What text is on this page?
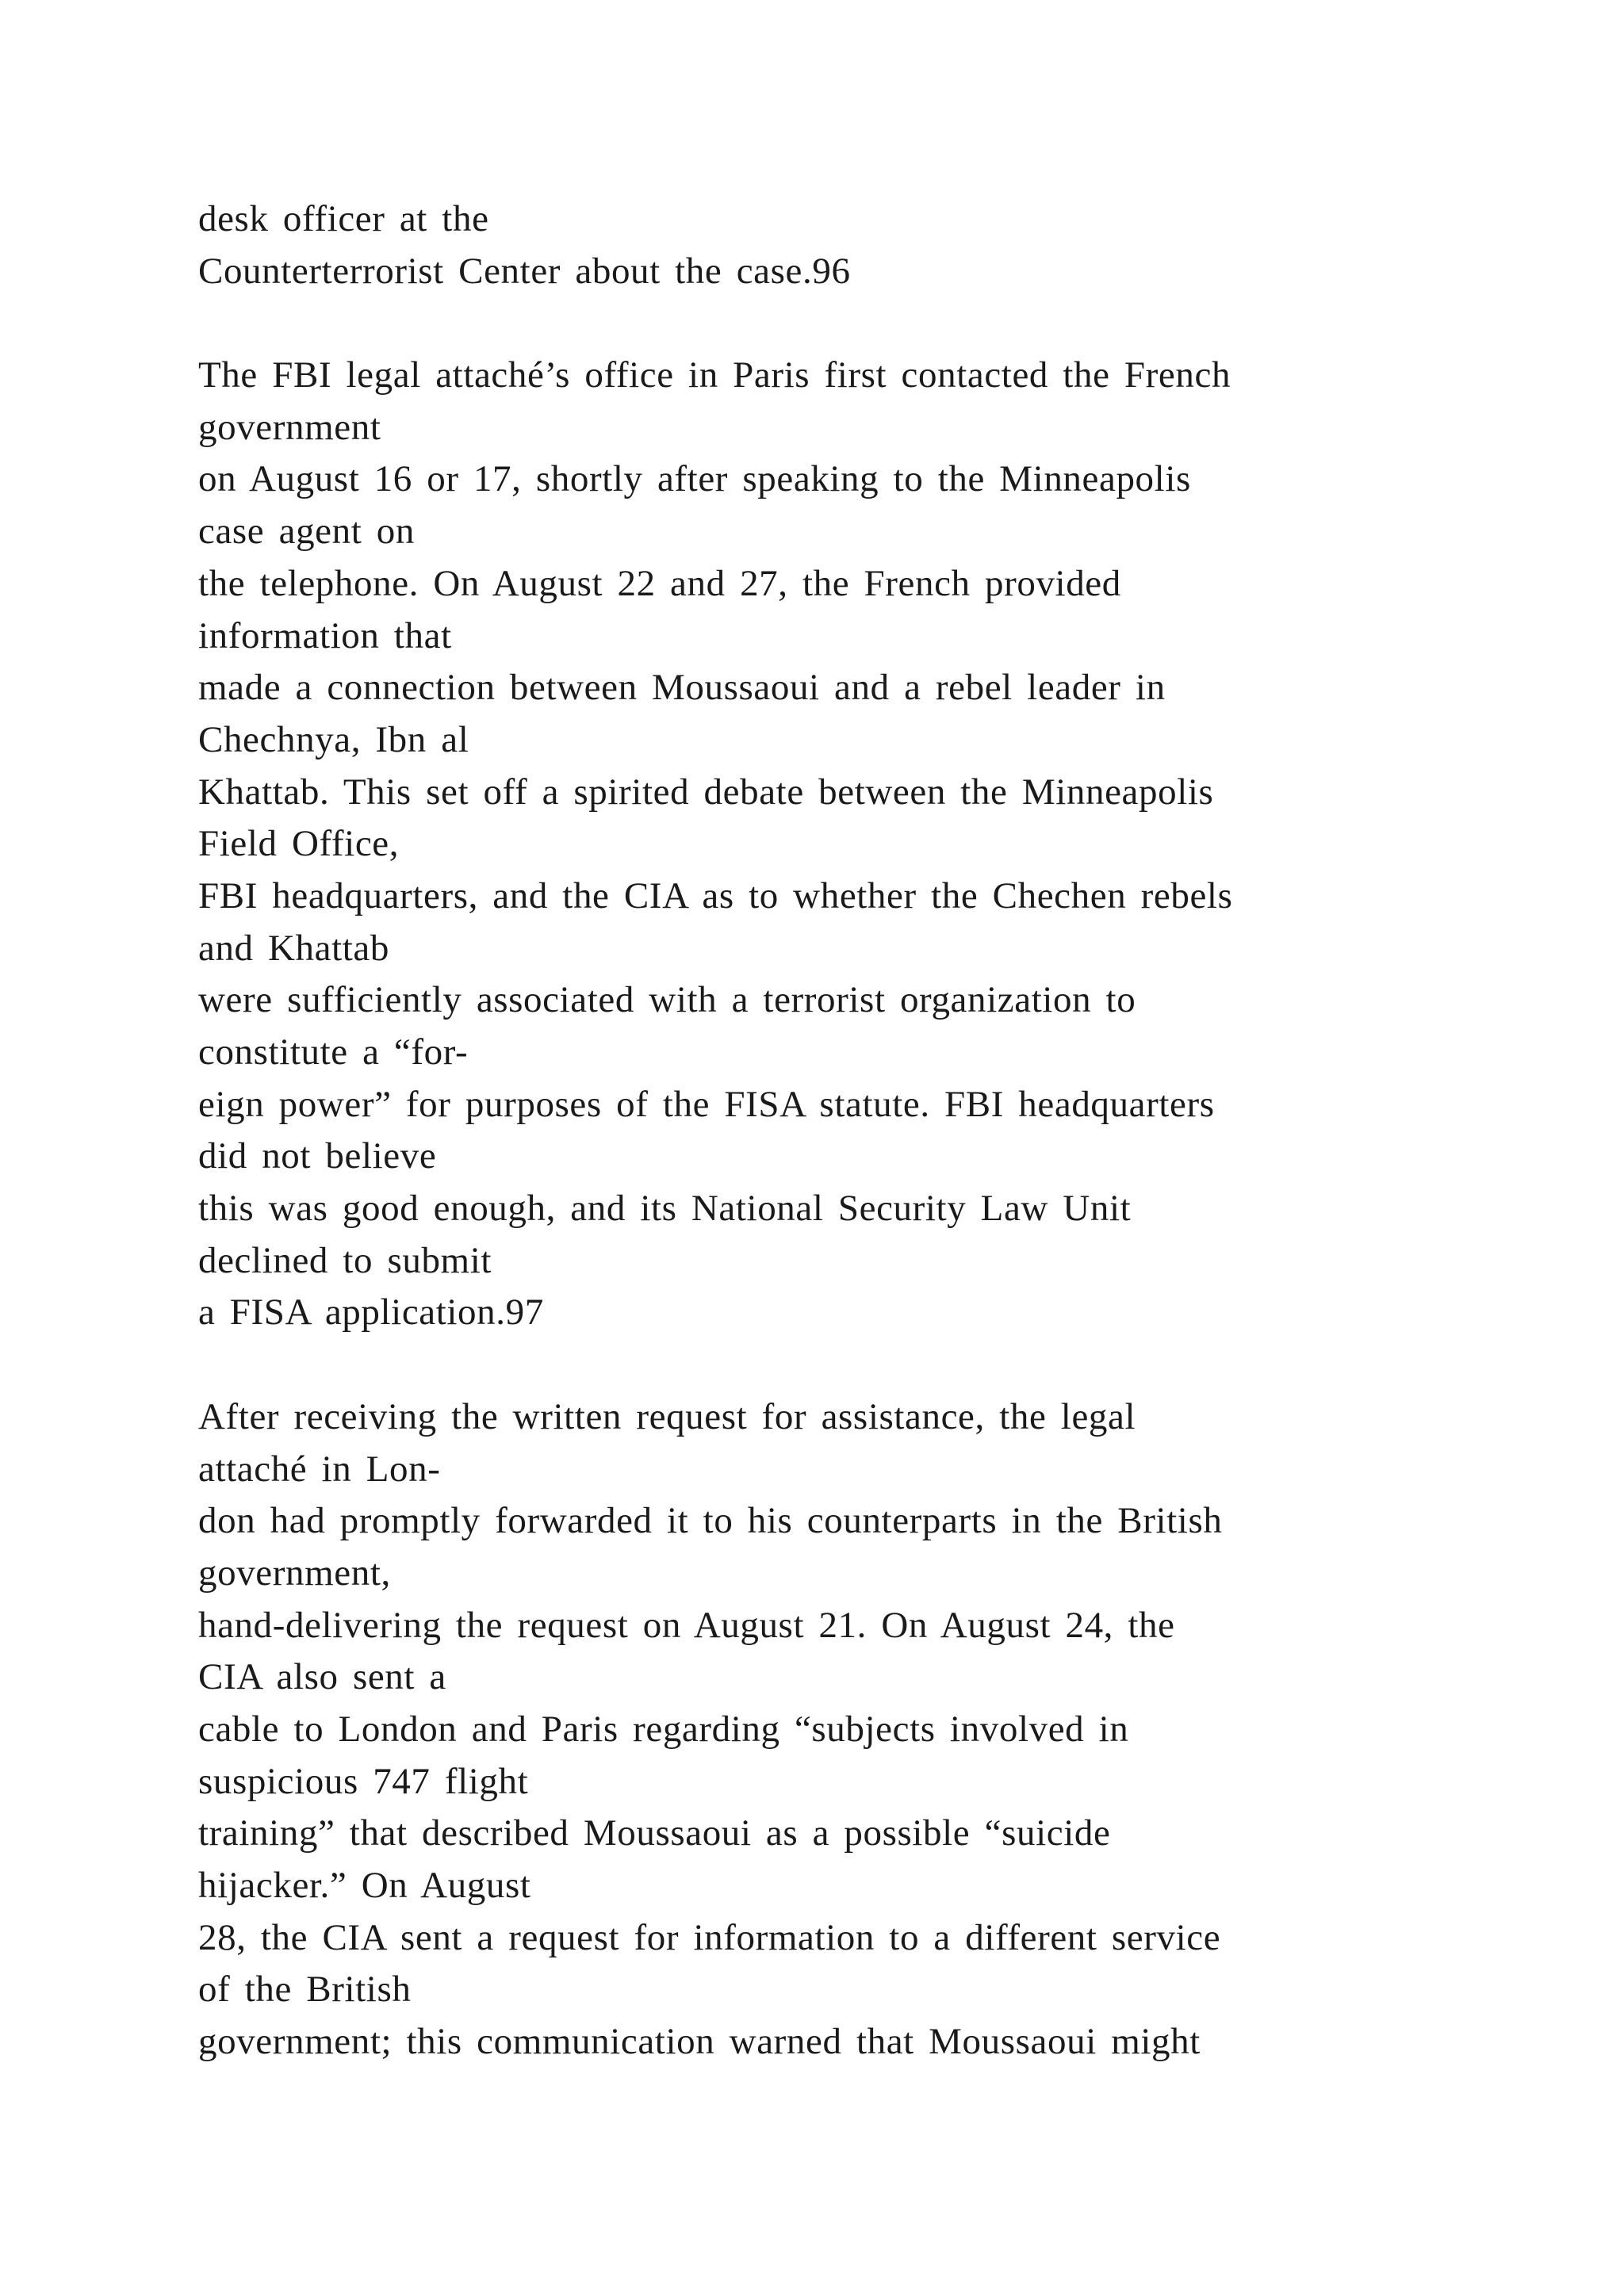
desk officer at the
Counterterrorist Center about the case.96
The FBI legal attaché’s office in Paris first contacted the French
government
on August 16 or 17, shortly after speaking to the Minneapolis
case agent on
the telephone. On August 22 and 27, the French provided
information that
made a connection between Moussaoui and a rebel leader in
Chechnya, Ibn al
Khattab. This set off a spirited debate between the Minneapolis
Field Office,
FBI headquarters, and the CIA as to whether the Chechen rebels
and Khattab
were sufficiently associated with a terrorist organization to
constitute a “for-
eign power” for purposes of the FISA statute. FBI headquarters
did not believe
this was good enough, and its National Security Law Unit
declined to submit
a FISA application.97
After receiving the written request for assistance, the legal
attaché in Lon-
don had promptly forwarded it to his counterparts in the British
government,
hand-delivering the request on August 21. On August 24, the
CIA also sent a
cable to London and Paris regarding “subjects involved in
suspicious 747 flight
training” that described Moussaoui as a possible “suicide
hijacker.” On August
28, the CIA sent a request for information to a different service
of the British
government; this communication warned that Moussaoui might
